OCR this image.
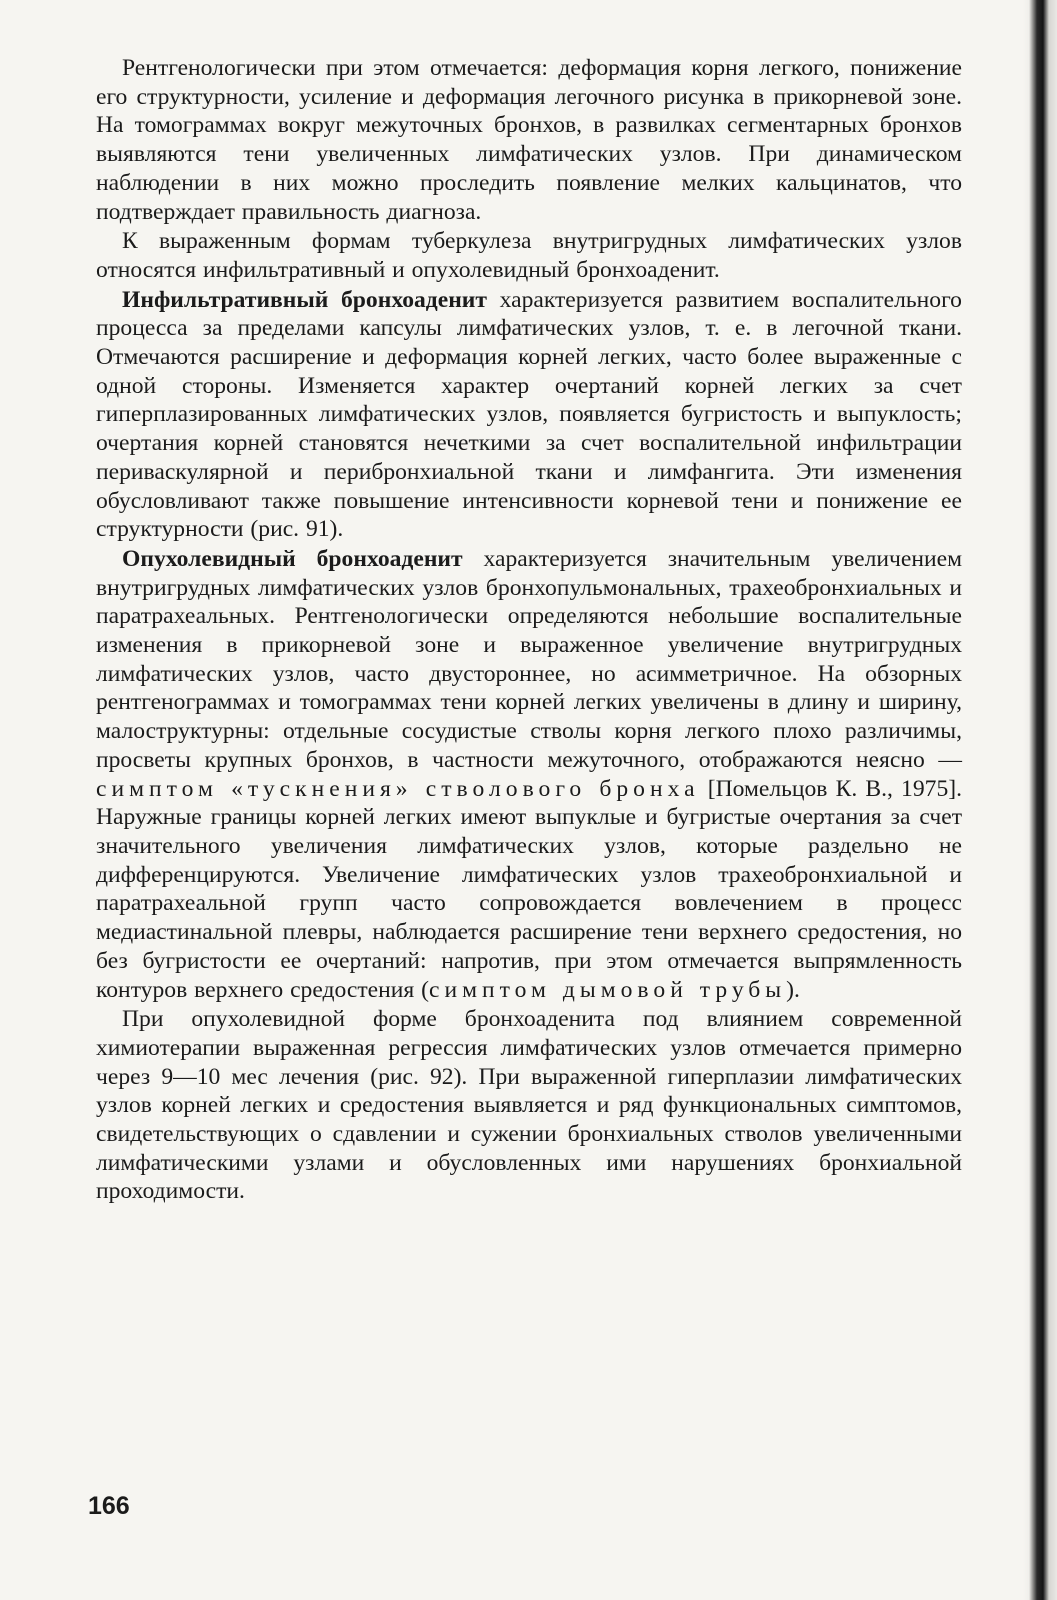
Рентгенологически при этом отмечается: деформация корня легкого, понижение его структурности, усиление и деформация легочного рисунка в прикорневой зоне. На томограммах вокруг межуточных бронхов, в развилках сегментарных бронхов выявляются тени увеличенных лимфатических узлов. При динамическом наблюдении в них можно проследить появление мелких кальцинатов, что подтверждает правильность диагноза.

К выраженным формам туберкулеза внутригрудных лимфатических узлов относятся инфильтративный и опухолевидный бронхоаденит.

Инфильтративный бронхоаденит характеризуется развитием воспалительного процесса за пределами капсулы лимфатических узлов, т. е. в легочной ткани. Отмечаются расширение и деформация корней легких, часто более выраженные с одной стороны. Изменяется характер очертаний корней легких за счет гиперплазированных лимфатических узлов, появляется бугристость и выпуклость; очертания корней становятся нечеткими за счет воспалительной инфильтрации периваскулярной и перибронхиальной ткани и лимфангита. Эти изменения обусловливают также повышение интенсивности корневой тени и понижение ее структурности (рис. 91).

Опухолевидный бронхоаденит характеризуется значительным увеличением внутригрудных лимфатических узлов бронхопульмональных, трахеобронхиальных и паратрахеальных. Рентгенологически определяются небольшие воспалительные изменения в прикорневой зоне и выраженное увеличение внутригрудных лимфатических узлов, часто двустороннее, но асимметричное. На обзорных рентгенограммах и томограммах тени корней легких увеличены в длину и ширину, малоструктурны: отдельные сосудистые стволы корня легкого плохо различимы, просветы крупных бронхов, в частности межуточного, отображаются неясно — симптом «тускнения» стволового бронха [Помельцов К. В., 1975]. Наружные границы корней легких имеют выпуклые и бугристые очертания за счет значительного увеличения лимфатических узлов, которые раздельно не дифференцируются. Увеличение лимфатических узлов трахеобронхиальной и паратрахеальной групп часто сопровождается вовлечением в процесс медиастинальной плевры, наблюдается расширение тени верхнего средостения, но без бугристости ее очертаний: напротив, при этом отмечается выпрямленность контуров верхнего средостения (симптом дымовой трубы).

При опухолевидной форме бронхоаденита под влиянием современной химиотерапии выраженная регрессия лимфатических узлов отмечается примерно через 9—10 мес лечения (рис. 92). При выраженной гиперплазии лимфатических узлов корней легких и средостения выявляется и ряд функциональных симптомов, свидетельствующих о сдавлении и сужении бронхиальных стволов увеличенными лимфатическими узлами и обусловленных ими нарушениях бронхиальной проходимости.

166
